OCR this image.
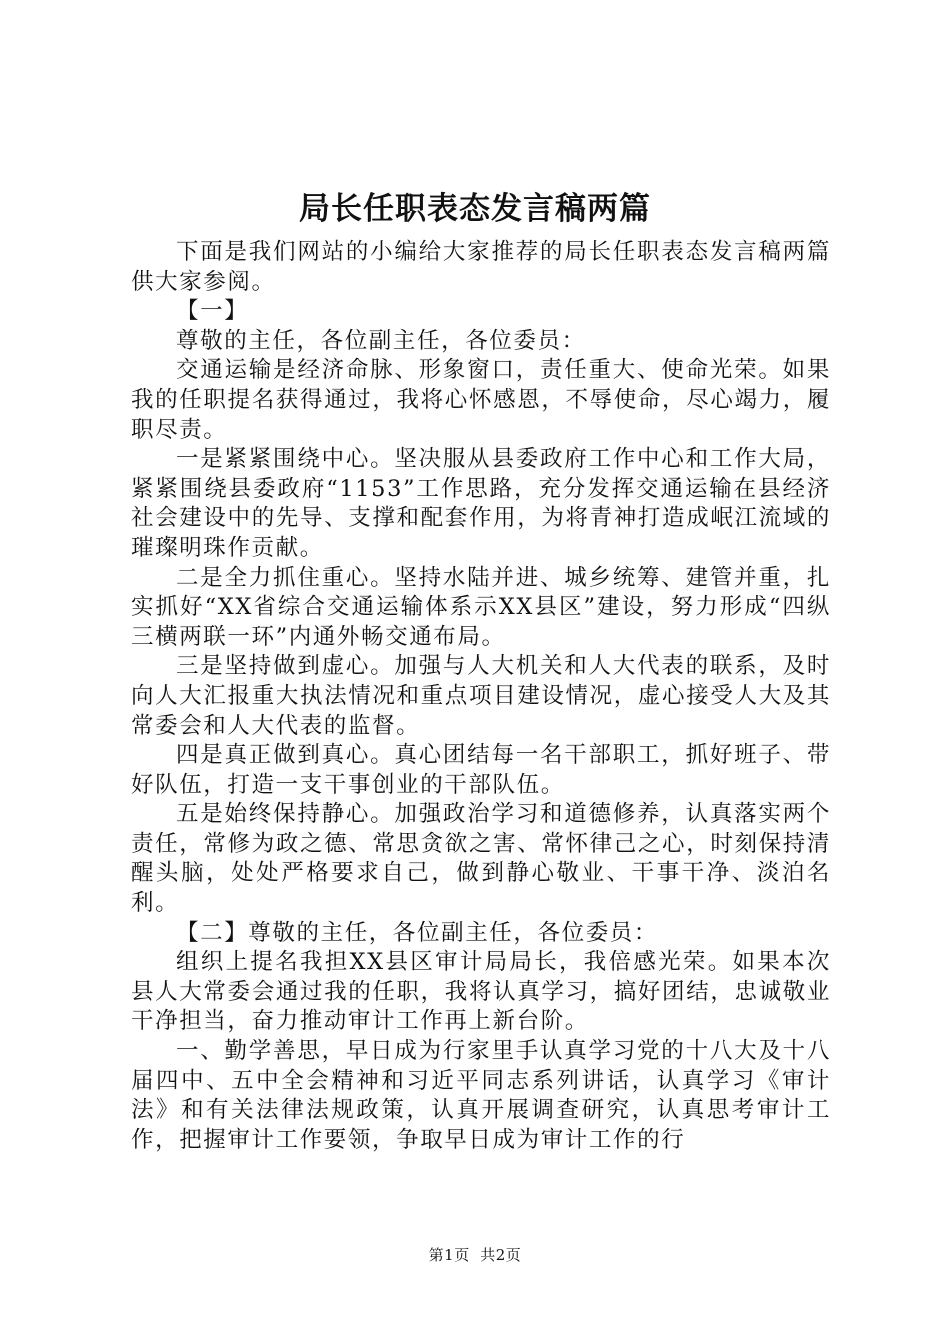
局长任职表态发言稿两篇

下面是我们网站的小编给大家推荐的局长任职表态发言稿两篇供大家参阅。

【一】

尊敬的主任，各位副主任，各位委员：

交通运输是经济命脉、形象窗口，责任重大、使命光荣。如果我的任职提名获得通过，我将心怀感恩，不辱使命，尽心竭力，履职尽责。

一是紧紧围绕中心。坚决服从县委政府工作中心和工作大局，紧紧围绕县委政府“1153”工作思路，充分发挥交通运输在县经济社会建设中的先导、支撑和配套作用，为将青神打造成岷江流域的璀璨明珠作贡献。

二是全力抓住重心。坚持水陆并进、城乡统筹、建管并重，扎实抓好“XX省综合交通运输体系示XX县区”建设，努力形成“四纵三横两联一环”内通外畅交通布局。

三是坚持做到虚心。加强与人大机关和人大代表的联系，及时向人大汇报重大执法情况和重点项目建设情况，虚心接受人大及其常委会和人大代表的监督。

四是真正做到真心。真心团结每一名干部职工，抓好班子、带好队伍，打造一支干事创业的干部队伍。

五是始终保持静心。加强政治学习和道德修养，认真落实两个责任，常修为政之德、常思贪欲之害、常怀律己之心，时刻保持清醒头脑，处处严格要求自己，做到静心敬业、干事干净、淡泊名利。

【二】尊敬的主任，各位副主任，各位委员：

组织上提名我担XX县区审计局局长，我倍感光荣。如果本次县人大常委会通过我的任职，我将认真学习，搞好团结，忠诚敬业干净担当，奋力推动审计工作再上新台阶。

一、勤学善思，早日成为行家里手认真学习党的十八大及十八届四中、五中全会精神和习近平同志系列讲话，认真学习《审计法》和有关法律法规政策，认真开展调查研究，认真思考审计工作，把握审计工作要领，争取早日成为审计工作的行

第1页 共2页
